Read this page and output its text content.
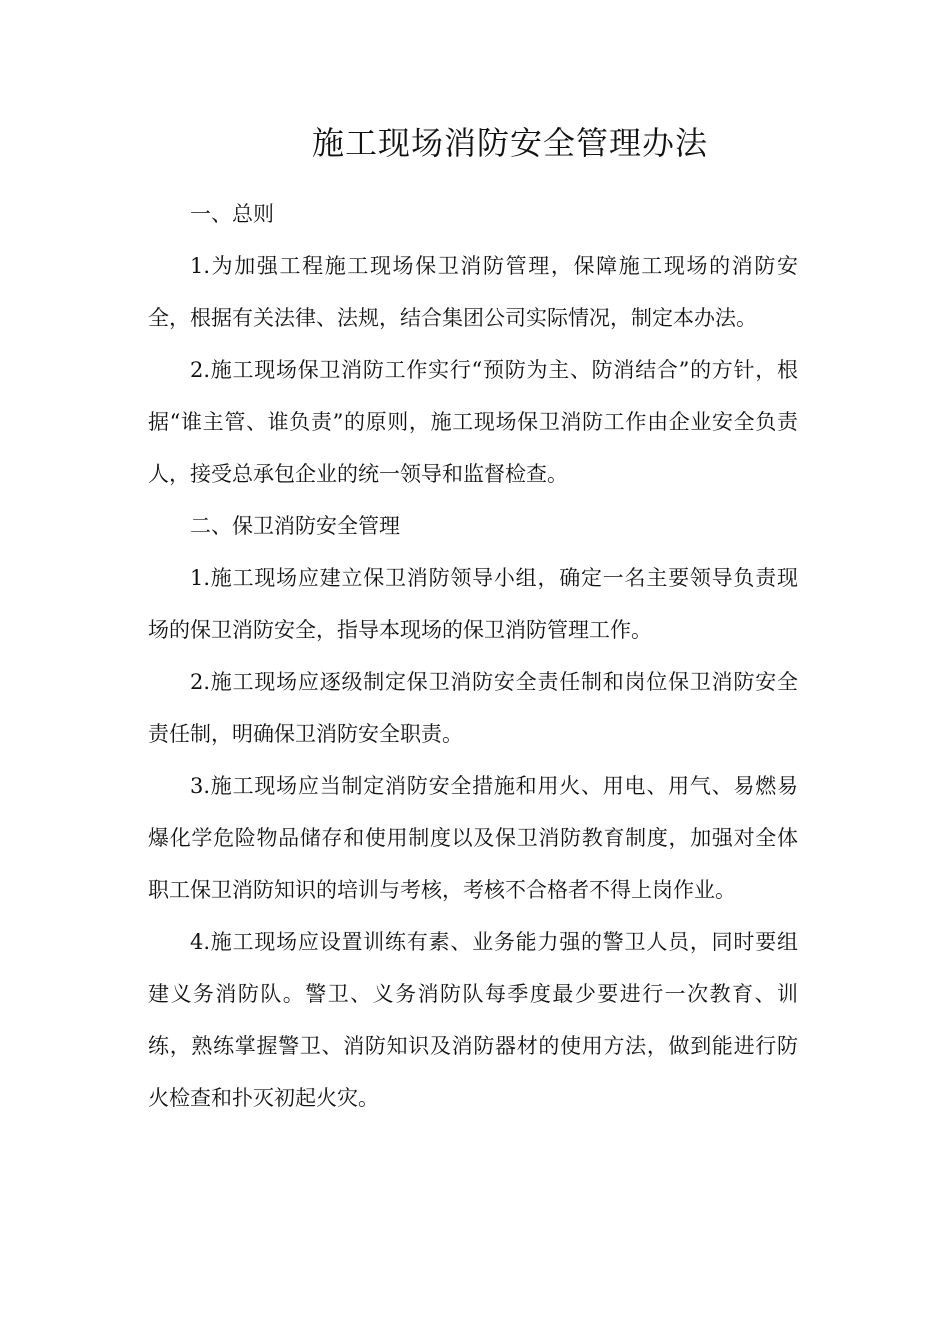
施工现场消防安全管理办法

一、总则

1.为加强工程施工现场保卫消防管理，保障施工现场的消防安全，根据有关法律、法规，结合集团公司实际情况，制定本办法。

2.施工现场保卫消防工作实行“预防为主、防消结合”的方针，根据“谁主管、谁负责”的原则，施工现场保卫消防工作由企业安全负责人，接受总承包企业的统一领导和监督检查。

二、保卫消防安全管理

1.施工现场应建立保卫消防领导小组，确定一名主要领导负责现场的保卫消防安全，指导本现场的保卫消防管理工作。

2.施工现场应逐级制定保卫消防安全责任制和岗位保卫消防安全责任制，明确保卫消防安全职责。

3.施工现场应当制定消防安全措施和用火、用电、用气、易燃易爆化学危险物品储存和使用制度以及保卫消防教育制度，加强对全体职工保卫消防知识的培训与考核，考核不合格者不得上岗作业。

4.施工现场应设置训练有素、业务能力强的警卫人员，同时要组建义务消防队。警卫、义务消防队每季度最少要进行一次教育、训练，熟练掌握警卫、消防知识及消防器材的使用方法，做到能进行防火检查和扑灭初起火灾。
